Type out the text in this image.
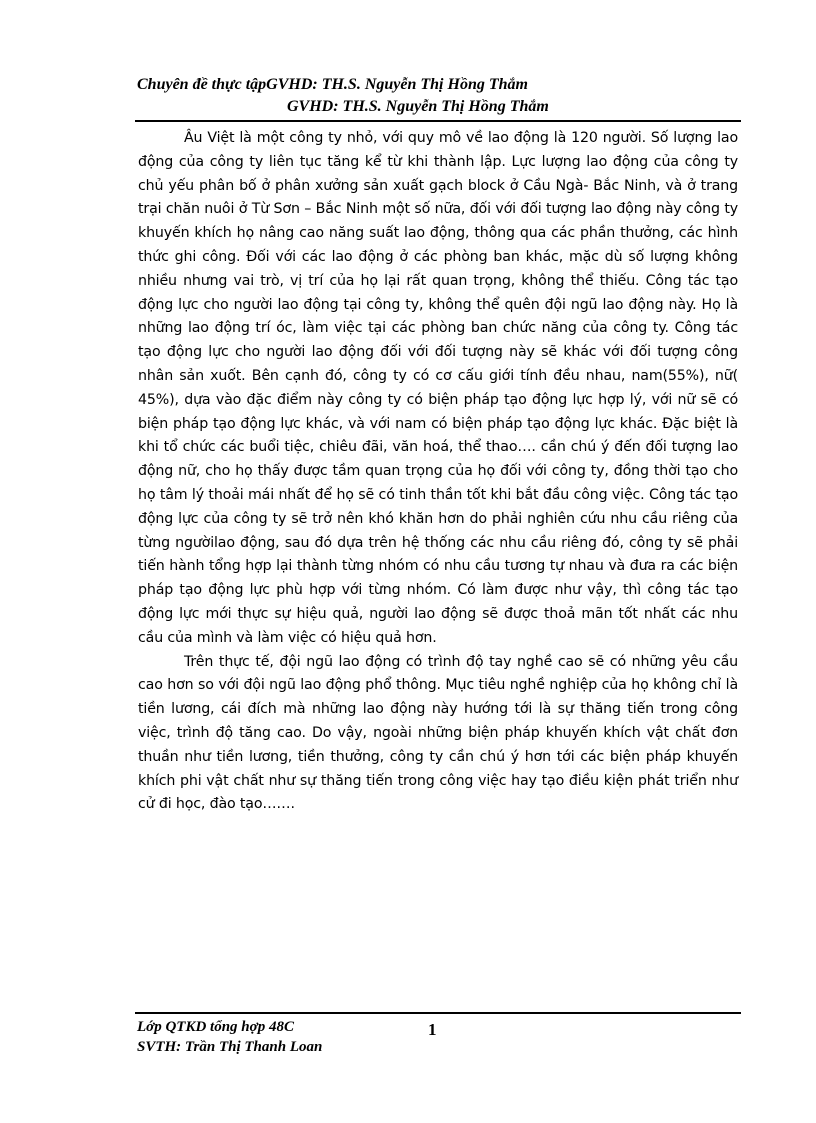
Chuyên đề thực tậpGVHD: TH.S. Nguyễn Thị Hồng Thắm
GVHD: TH.S. Nguyễn Thị Hồng Thắm

Âu Việt là một công ty nhỏ, với quy mô về lao động là 120 người. Số lượng lao động của công ty liên tục tăng kể từ khi thành lập. Lực lượng lao động của công ty chủ yếu phân bố ở phân xưởng sản xuất gạch block ở Cầu Ngà- Bắc Ninh, và ở trang trại chăn nuôi ở Từ Sơn – Bắc Ninh một số nữa, đối với đối tượng lao động này công ty khuyến khích họ nâng cao năng suất lao động, thông qua các phần thưởng, các hình thức ghi công. Đối với các lao động ở các phòng ban khác, mặc dù số lượng không nhiều nhưng vai trò, vị trí của họ lại rất quan trọng, không thể thiếu. Công tác tạo động lực cho người lao động tại công ty, không thể quên đội ngũ lao động này. Họ là những lao động trí óc, làm việc tại các phòng ban chức năng của công ty. Công tác tạo động lực cho người lao động đối với đối tượng này sẽ khác với đối tượng công nhân sản xuốt. Bên cạnh đó, công ty có cơ cấu giới tính đều nhau, nam(55%), nữ( 45%), dựa vào đặc điểm này công ty có biện pháp tạo động lực hợp lý, với nữ sẽ có biện pháp tạo động lực khác, và với nam có biện pháp tạo động lực khác. Đặc biệt là khi tổ chức các buổi tiệc, chiêu đãi, văn hoá, thể thao…. cần chú ý đến đối tượng lao động nữ, cho họ thấy được tầm quan trọng của họ đối với công ty, đồng thời tạo cho họ tâm lý thoải mái nhất để họ sẽ có tinh thần tốt khi bắt đầu công việc. Công tác tạo động lực của công ty sẽ trở nên khó khăn hơn do phải nghiên cứu nhu cầu riêng của từng ngườilao động, sau đó dựa trên hệ thống các nhu cầu riêng đó, công ty sẽ phải tiến hành tổng hợp lại thành từng nhóm có nhu cầu tương tự nhau và đưa ra các biện pháp tạo động lực phù hợp với từng nhóm. Có làm được như vậy, thì công tác tạo động lực mới thực sự hiệu quả, người lao động sẽ được thoả mãn tốt nhất các nhu cầu của mình và làm việc có hiệu quả hơn.

Trên thực tế, đội ngũ lao động có trình độ tay nghề cao sẽ có những yêu cầu cao hơn so với đội ngũ lao động phổ thông. Mục tiêu nghề nghiệp của họ không chỉ là tiền lương, cái đích mà những lao động này hướng tới là sự thăng tiến trong công việc, trình độ tăng cao. Do vậy, ngoài những biện pháp khuyến khích vật chất đơn thuần như tiền lương, tiền thưởng, công ty cần chú ý hơn tới các biện pháp khuyến khích phi vật chất như sự thăng tiến trong công việc hay tạo điều kiện phát triển như cử đi học, đào tạo…….

Lớp QTKD tổng hợp 48C
SVTH: Trần Thị Thanh Loan
1
